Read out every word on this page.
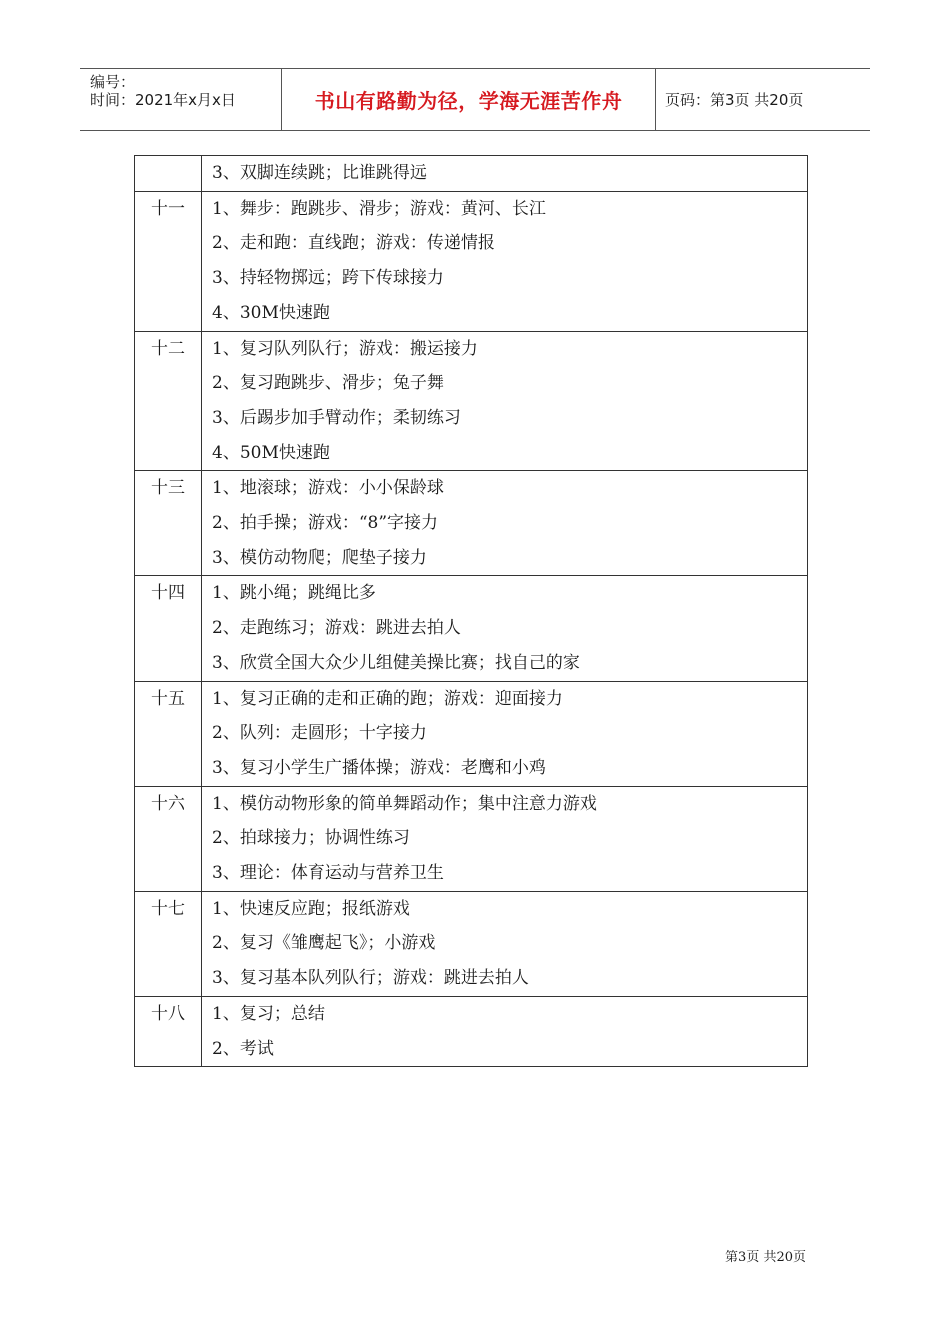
编号：
时间：2021年x月x日	书山有路勤为径，学海无涯苦作舟	页码：第3页 共20页

	3、双脚连续跳；比谁跳得远

十一	1、舞步：跑跳步、滑步；游戏：黄河、长江
2、走和跑：直线跑；游戏：传递情报
3、持轻物掷远；跨下传球接力
4、30M快速跑

十二	1、复习队列队行；游戏：搬运接力
2、复习跑跳步、滑步；兔子舞
3、后踢步加手臂动作；柔韧练习
4、50M快速跑

十三	1、地滚球；游戏：小小保龄球
2、拍手操；游戏：“8”字接力
3、模仿动物爬；爬垫子接力

十四	1、跳小绳；跳绳比多
2、走跑练习；游戏：跳进去拍人
3、欣赏全国大众少儿组健美操比赛；找自己的家

十五	1、复习正确的走和正确的跑；游戏：迎面接力
2、队列：走圆形；十字接力
3、复习小学生广播体操；游戏：老鹰和小鸡

十六	1、模仿动物形象的简单舞蹈动作；集中注意力游戏
2、拍球接力；协调性练习
3、理论：体育运动与营养卫生

十七	1、快速反应跑；报纸游戏
2、复习《雏鹰起飞》；小游戏
3、复习基本队列队行；游戏：跳进去拍人

十八	1、复习；总结
2、考试
第3页 共20页
